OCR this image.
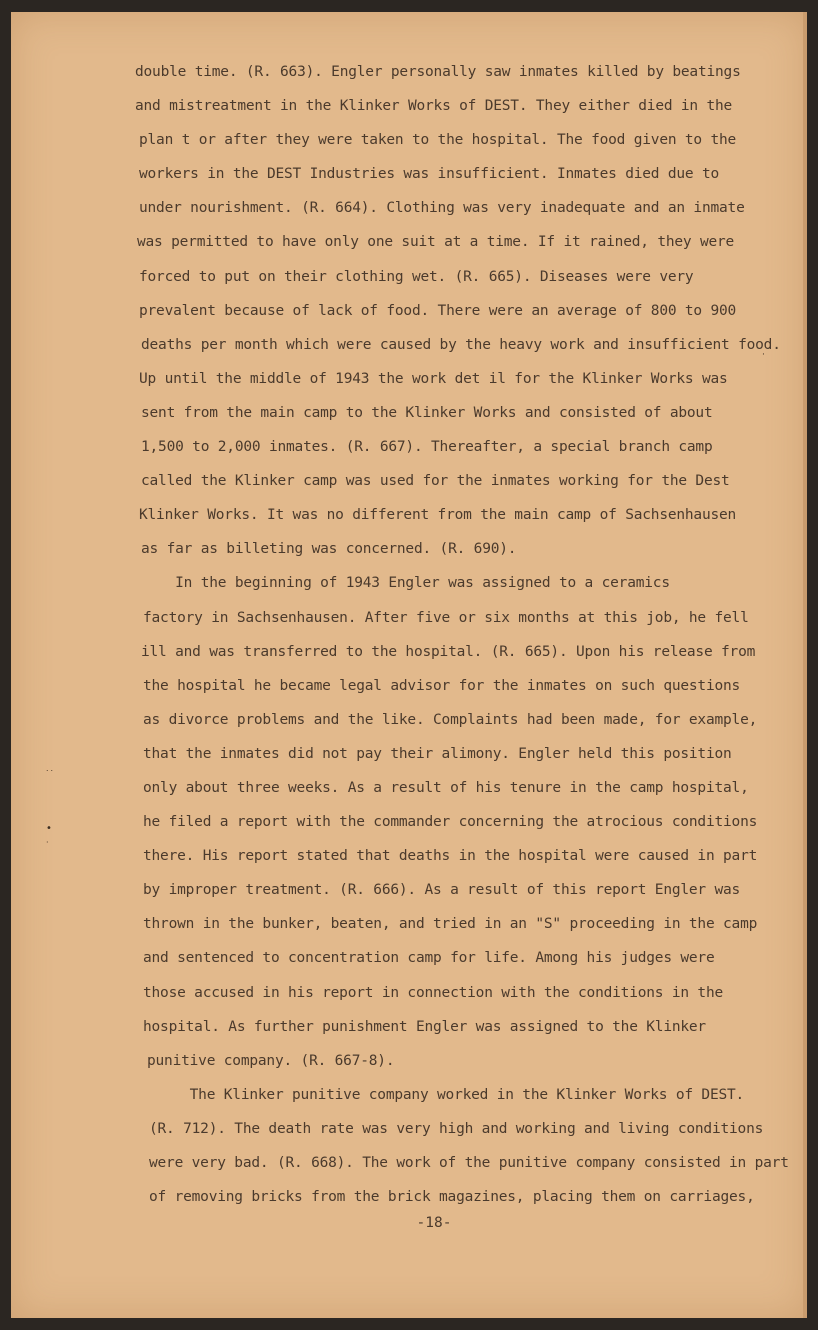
˙˙
•
·
·
double time. (R. 663). Engler personally saw inmates killed by beatings
and mistreatment in the Klinker Works of DEST. They either died in the
plan t or after they were taken to the hospital. The food given to the
workers in the DEST Industries was insufficient. Inmates died due to
under nourishment. (R. 664). Clothing was very inadequate and an inmate
was permitted to have only one suit at a time. If it rained, they were
forced to put on their clothing wet. (R. 665). Diseases were very
prevalent because of lack of food. There were an average of 800 to 900
deaths per month which were caused by the heavy work and insufficient food.
Up until the middle of 1943 the work det il for the Klinker Works was
sent from the main camp to the Klinker Works and consisted of about
1,500 to 2,000 inmates. (R. 667). Thereafter, a special branch camp
called the Klinker camp was used for the inmates working for the Dest
Klinker Works. It was no different from the main camp of Sachsenhausen
as far as billeting was concerned. (R. 690).
In the beginning of 1943 Engler was assigned to a ceramics
factory in Sachsenhausen. After five or six months at this job, he fell
ill and was transferred to the hospital. (R. 665). Upon his release from
the hospital he became legal advisor for the inmates on such questions
as divorce problems and the like. Complaints had been made, for example,
that the inmates did not pay their alimony. Engler held this position
only about three weeks. As a result of his tenure in the camp hospital,
he filed a report with the commander concerning the atrocious conditions
there. His report stated that deaths in the hospital were caused in part
by improper treatment. (R. 666). As a result of this report Engler was
thrown in the bunker, beaten, and tried in an "S" proceeding in the camp
and sentenced to concentration camp for life. Among his judges were
those accused in his report in connection with the conditions in the
hospital. As further punishment Engler was assigned to the Klinker
punitive company. (R. 667-8).
The Klinker punitive company worked in the Klinker Works of DEST.
(R. 712). The death rate was very high and working and living conditions
were very bad. (R. 668). The work of the punitive company consisted in part
of removing bricks from the brick magazines, placing them on carriages,
-18-
